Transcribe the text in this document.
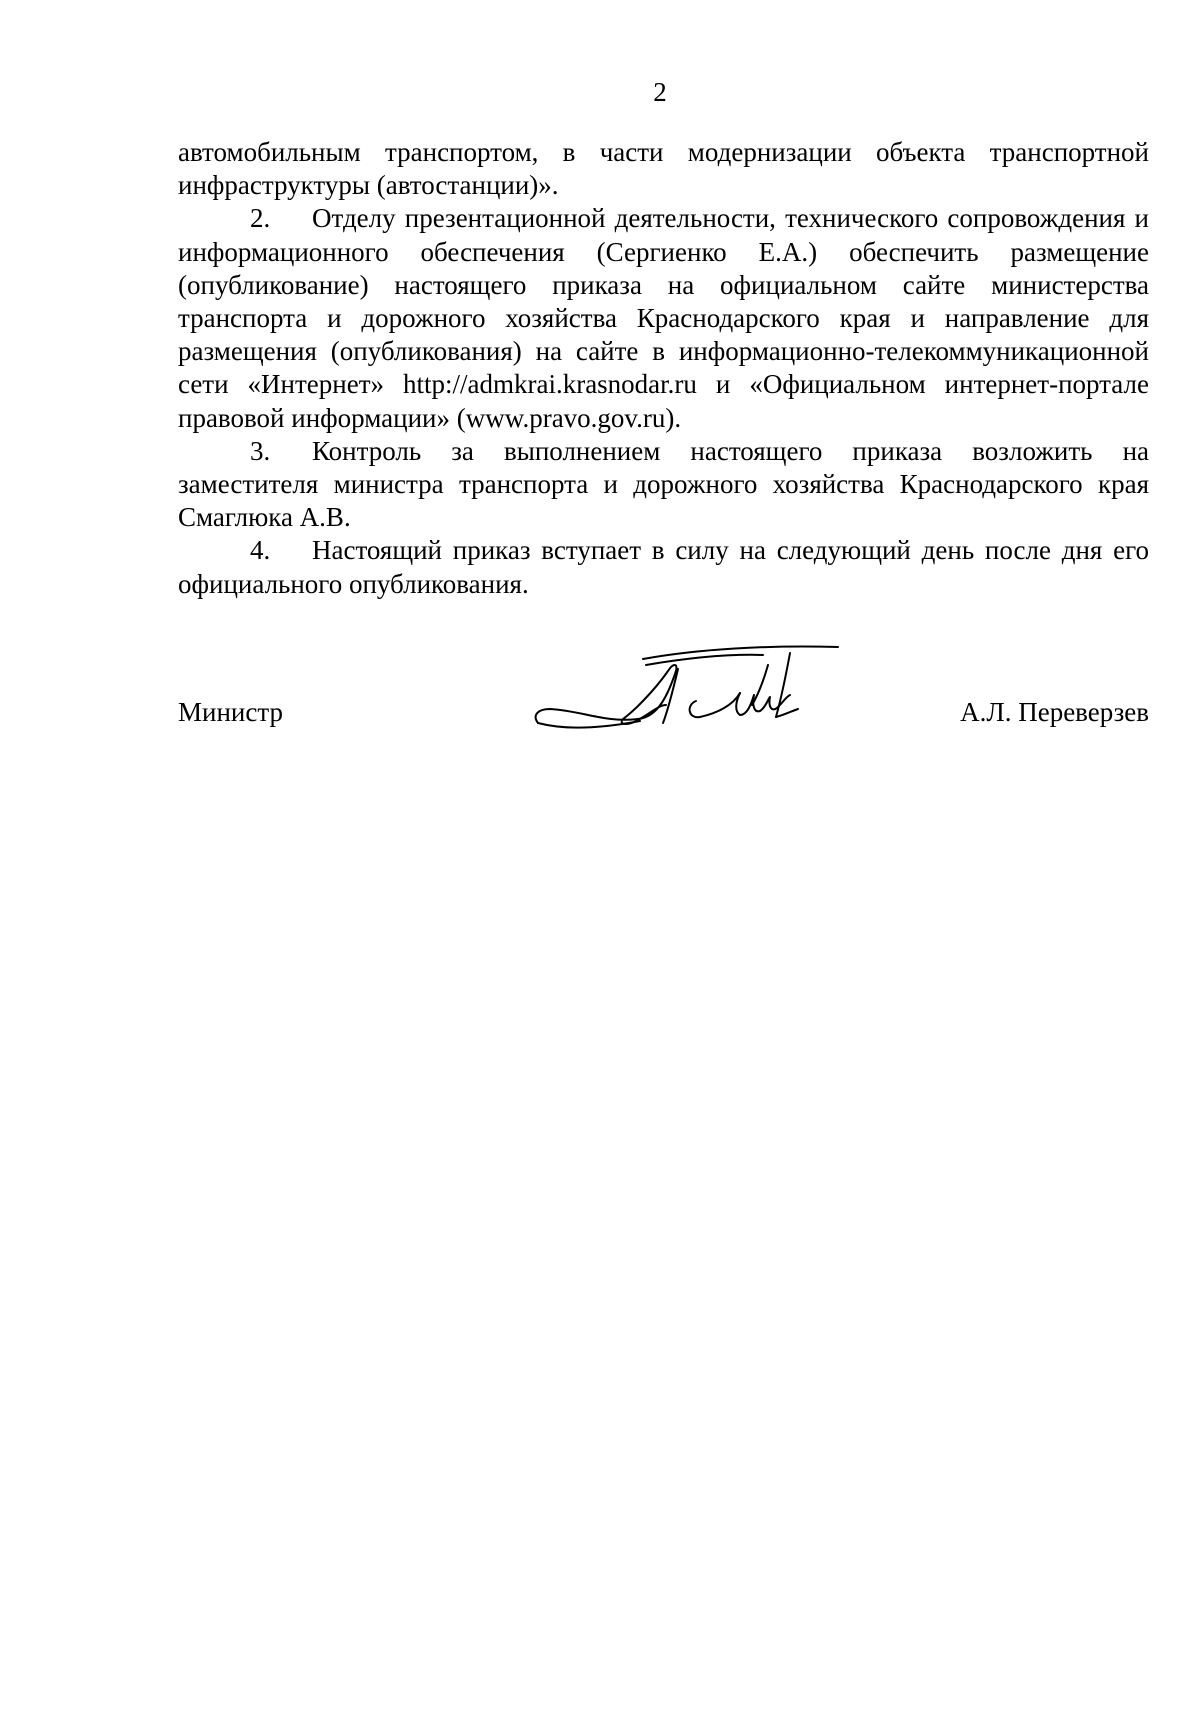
2

автомобильным транспортом, в части модернизации объекта транспортной инфраструктуры (автостанции)».

2. Отделу презентационной деятельности, технического сопровождения и информационного обеспечения (Сергиенко Е.А.) обеспечить размещение (опубликование) настоящего приказа на официальном сайте министерства транспорта и дорожного хозяйства Краснодарского края и направление для размещения (опубликования) на сайте в информационно-телекоммуникационной сети «Интернет» http://admkrai.krasnodar.ru и «Официальном интернет-портале правовой информации» (www.pravo.gov.ru).

3. Контроль за выполнением настоящего приказа возложить на заместителя министра транспорта и дорожного хозяйства Краснодарского края Смаглюка А.В.

4. Настоящий приказ вступает в силу на следующий день после дня его официального опубликования.

Министр	А.Л. Переверзев
